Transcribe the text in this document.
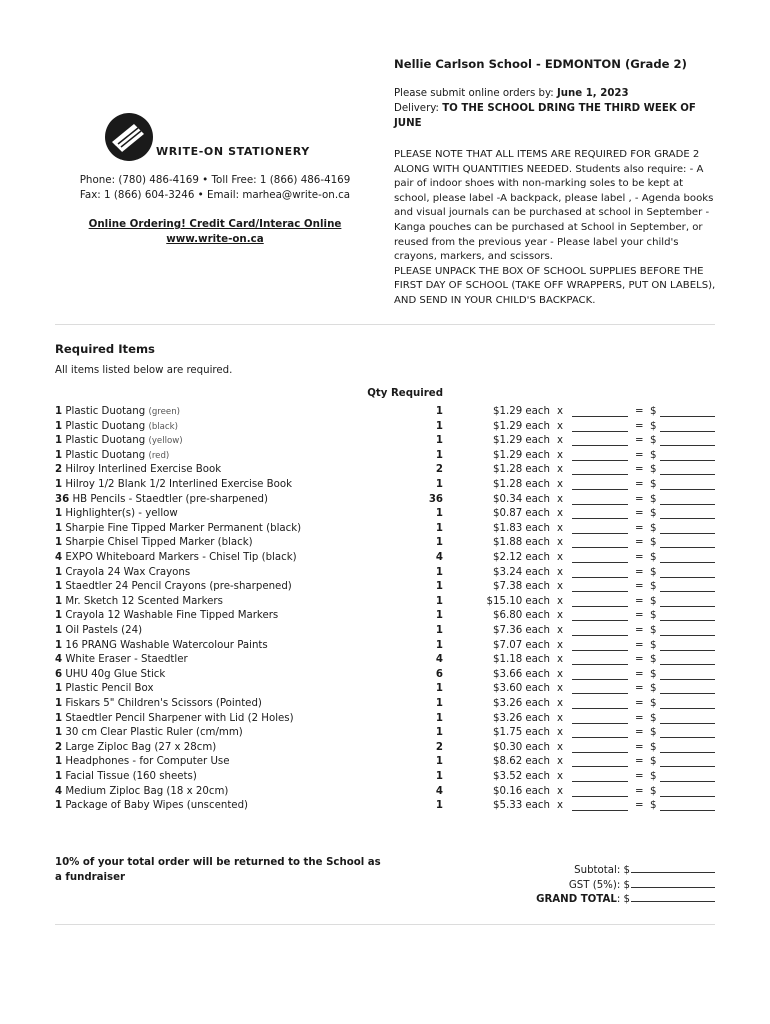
WRITE-ON STATIONERY
Phone: (780) 486-4169 • Toll Free: 1 (866) 486-4169
Fax: 1 (866) 604-3246 • Email: marhea@write-on.ca
Online Ordering! Credit Card/Interac Online
www.write-on.ca
Nellie Carlson School - EDMONTON (Grade 2)
Please submit online orders by: June 1, 2023
Delivery: TO THE SCHOOL DRING THE THIRD WEEK OF JUNE
PLEASE NOTE THAT ALL ITEMS ARE REQUIRED FOR GRADE 2 ALONG WITH QUANTITIES NEEDED. Students also require: - A pair of indoor shoes with non-marking soles to be kept at school, please label -A backpack, please label , - Agenda books and visual journals can be purchased at school in September - Kanga pouches can be purchased at School in September, or reused from the previous year - Please label your child's crayons, markers, and scissors.
PLEASE UNPACK THE BOX OF SCHOOL SUPPLIES BEFORE THE FIRST DAY OF SCHOOL (TAKE OFF WRAPPERS, PUT ON LABELS), AND SEND IN YOUR CHILD'S BACKPACK.
Required Items
All items listed below are required.
Qty Required
1 Plastic Duotang (green)	1	$1.29 each x	= $
1 Plastic Duotang (black)	1	$1.29 each x	= $
1 Plastic Duotang (yellow)	1	$1.29 each x	= $
1 Plastic Duotang (red)	1	$1.29 each x	= $
2 Hilroy Interlined Exercise Book	2	$1.28 each x	= $
1 Hilroy 1/2 Blank 1/2 Interlined Exercise Book	1	$1.28 each x	= $
36 HB Pencils - Staedtler (pre-sharpened)	36	$0.34 each x	= $
1 Highlighter(s) - yellow	1	$0.87 each x	= $
1 Sharpie Fine Tipped Marker Permanent (black)	1	$1.83 each x	= $
1 Sharpie Chisel Tipped Marker (black)	1	$1.88 each x	= $
4 EXPO Whiteboard Markers - Chisel Tip (black)	4	$2.12 each x	= $
1 Crayola 24 Wax Crayons	1	$3.24 each x	= $
1 Staedtler 24 Pencil Crayons (pre-sharpened)	1	$7.38 each x	= $
1 Mr. Sketch 12 Scented Markers	1	$15.10 each x	= $
1 Crayola 12 Washable Fine Tipped Markers	1	$6.80 each x	= $
1 Oil Pastels (24)	1	$7.36 each x	= $
1 16 PRANG Washable Watercolour Paints	1	$7.07 each x	= $
4 White Eraser - Staedtler	4	$1.18 each x	= $
6 UHU 40g Glue Stick	6	$3.66 each x	= $
1 Plastic Pencil Box	1	$3.60 each x	= $
1 Fiskars 5" Children's Scissors (Pointed)	1	$3.26 each x	= $
1 Staedtler Pencil Sharpener with Lid (2 Holes)	1	$3.26 each x	= $
1 30 cm Clear Plastic Ruler (cm/mm)	1	$1.75 each x	= $
2 Large Ziploc Bag (27 x 28cm)	2	$0.30 each x	= $
1 Headphones - for Computer Use	1	$8.62 each x	= $
1 Facial Tissue (160 sheets)	1	$3.52 each x	= $
4 Medium Ziploc Bag (18 x 20cm)	4	$0.16 each x	= $
1 Package of Baby Wipes (unscented)	1	$5.33 each x	= $
10% of your total order will be returned to the School as a fundraiser
Subtotal: $
GST (5%): $
GRAND TOTAL: $
